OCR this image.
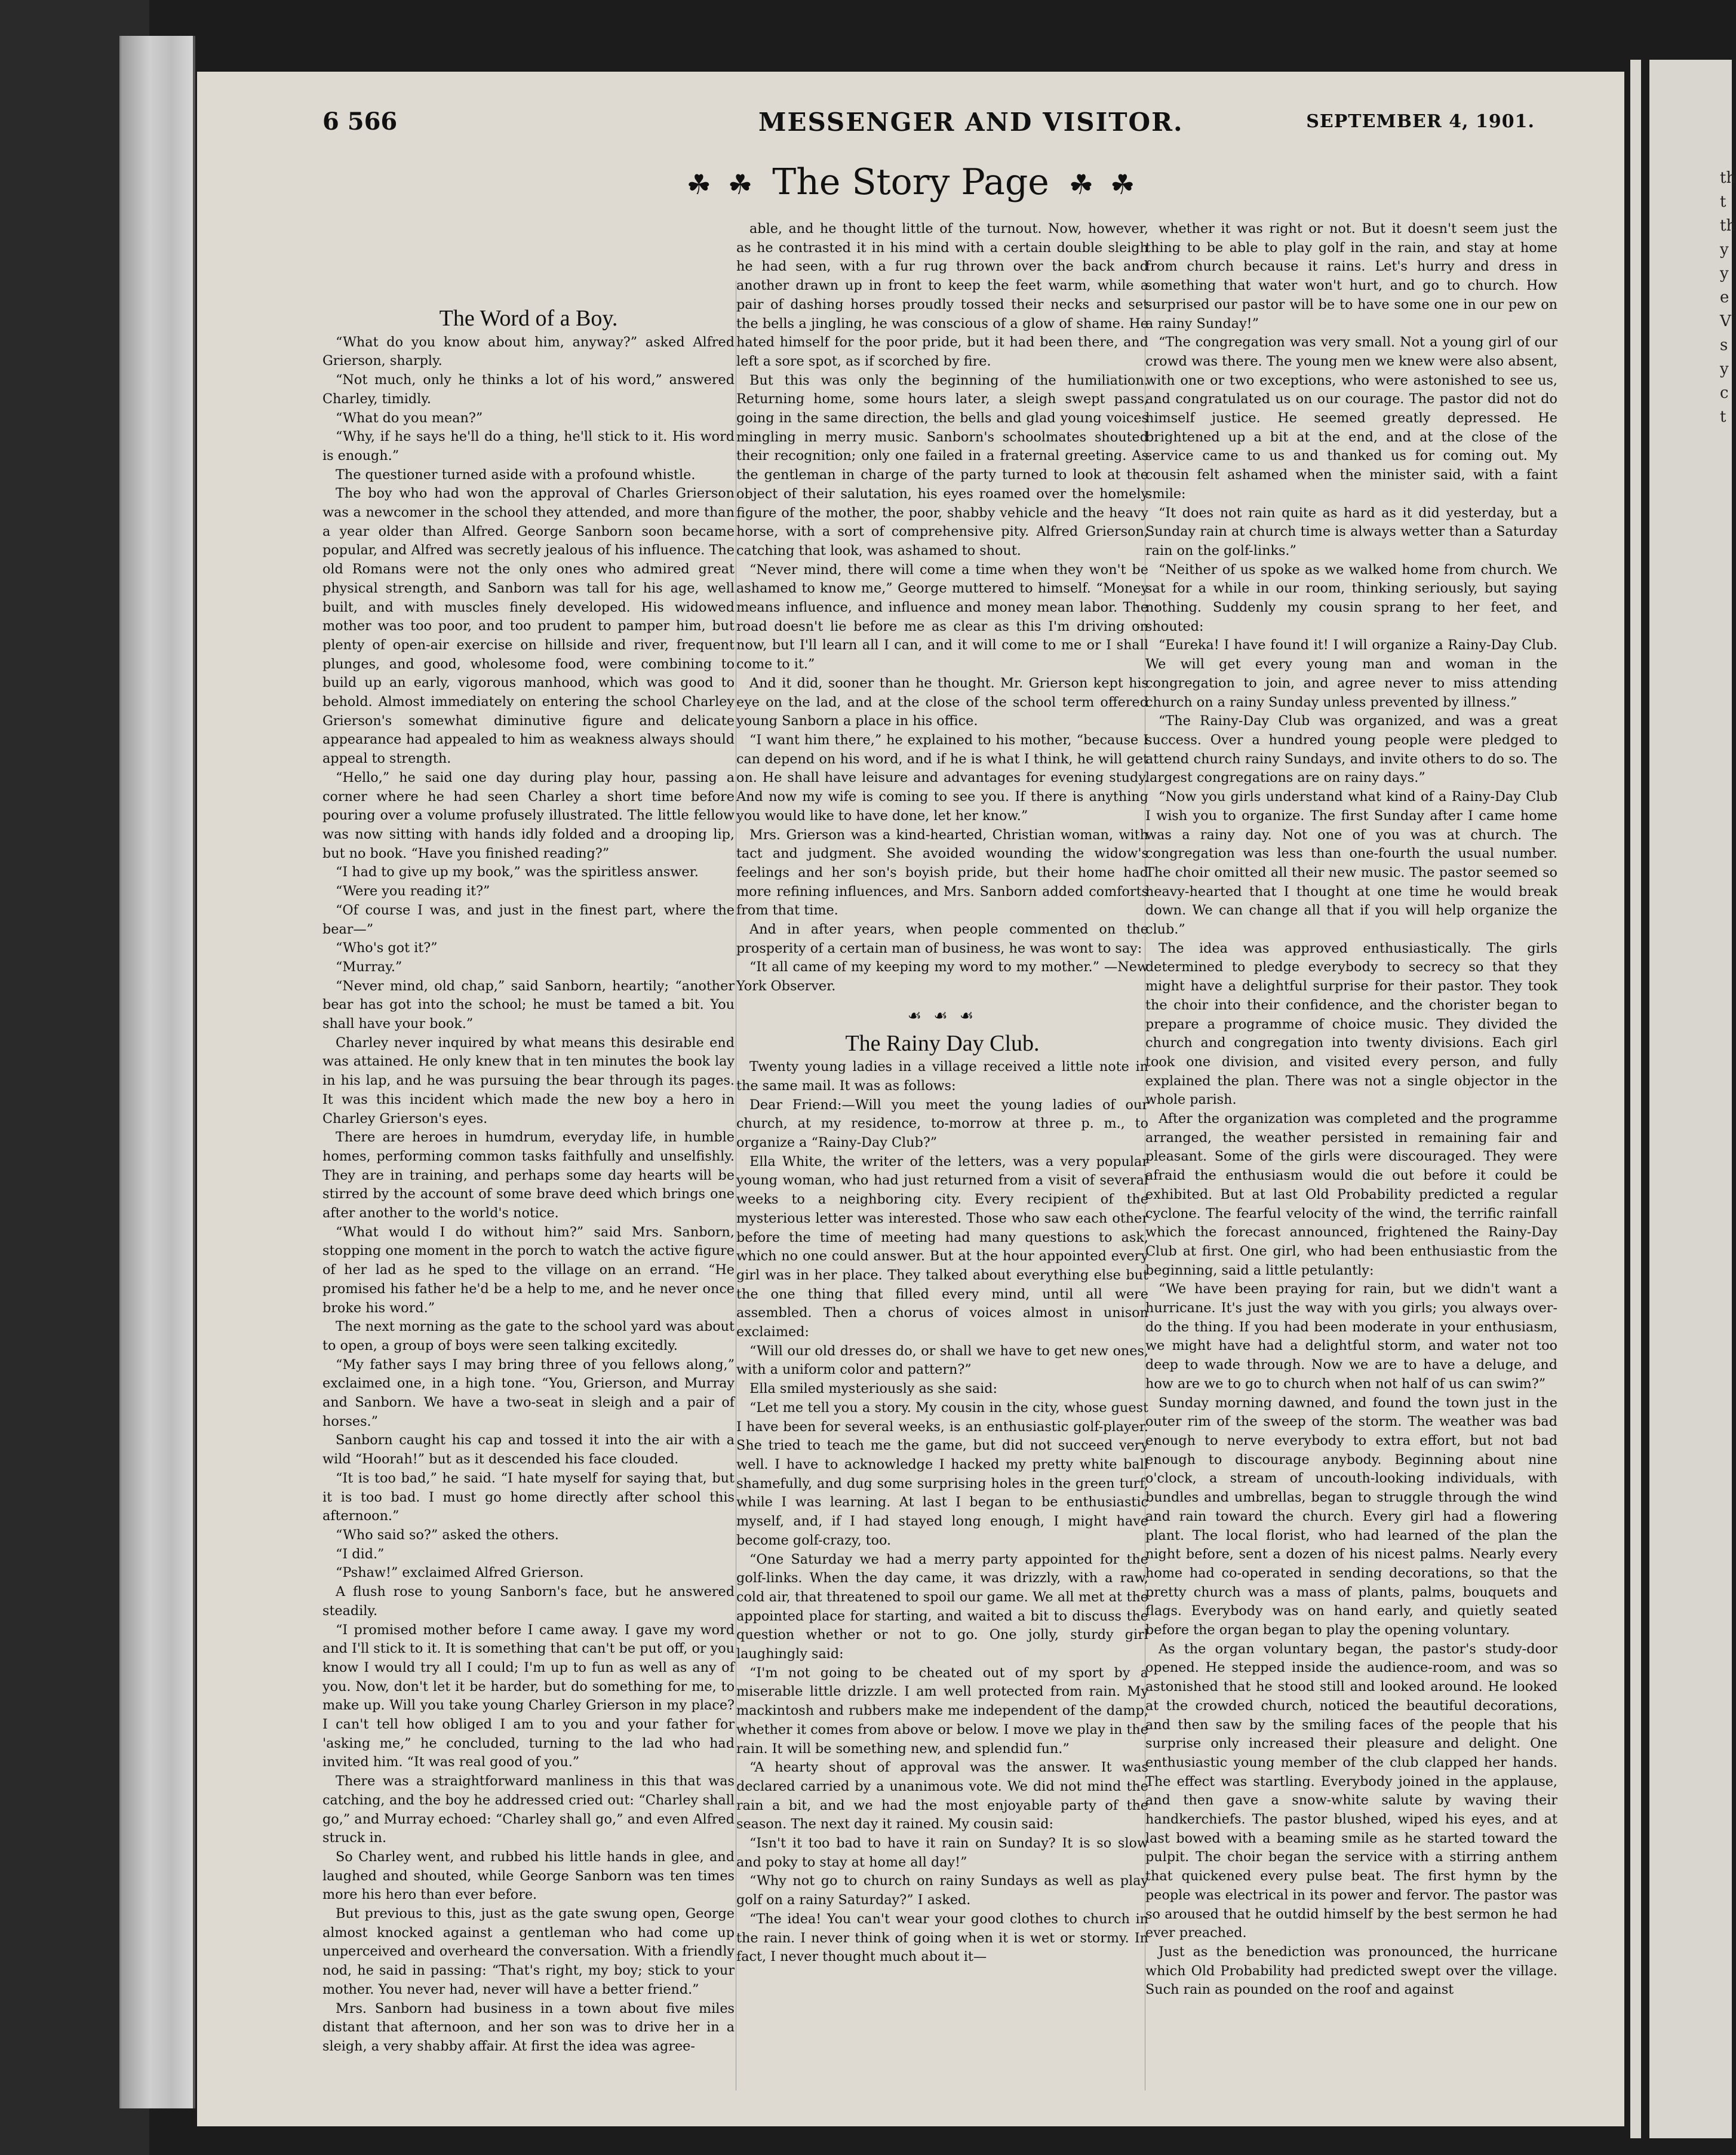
6 566	MESSENGER AND VISITOR.	SEPTEMBER 4, 1901.
☘ ☘ The Story Page ☘ ☘
The Word of a Boy.

“What do you know about him, anyway?” asked Alfred Grierson, sharply.

“Not much, only he thinks a lot of his word,” answered Charley, timidly.

“What do you mean?”

“Why, if he says he'll do a thing, he'll stick to it. His word is enough.”

The questioner turned aside with a profound whistle.

The boy who had won the approval of Charles Grierson was a newcomer in the school they attended, and more than a year older than Alfred. George Sanborn soon became popular, and Alfred was secretly jealous of his influence. The old Romans were not the only ones who admired great physical strength, and Sanborn was tall for his age, well built, and with muscles finely developed. His widowed mother was too poor, and too prudent to pamper him, but plenty of open-air exercise on hillside and river, frequent plunges, and good, wholesome food, were combining to build up an early, vigorous manhood, which was good to behold. Almost immediately on entering the school Charley Grierson's somewhat diminutive figure and delicate appearance had appealed to him as weakness always should appeal to strength.

“Hello,” he said one day during play hour, passing a corner where he had seen Charley a short time before pouring over a volume profusely illustrated. The little fellow was now sitting with hands idly folded and a drooping lip, but no book. “Have you finished reading?”

“I had to give up my book,” was the spiritless answer.

“Were you reading it?”

“Of course I was, and just in the finest part, where the bear—”

“Who's got it?”

“Murray.”

“Never mind, old chap,” said Sanborn, heartily; “another bear has got into the school; he must be tamed a bit. You shall have your book.”

Charley never inquired by what means this desirable end was attained. He only knew that in ten minutes the book lay in his lap, and he was pursuing the bear through its pages. It was this incident which made the new boy a hero in Charley Grierson's eyes.

There are heroes in humdrum, everyday life, in humble homes, performing common tasks faithfully and unselfishly. They are in training, and perhaps some day hearts will be stirred by the account of some brave deed which brings one after another to the world's notice.

“What would I do without him?” said Mrs. Sanborn, stopping one moment in the porch to watch the active figure of her lad as he sped to the village on an errand. “He promised his father he'd be a help to me, and he never once broke his word.”

The next morning as the gate to the school yard was about to open, a group of boys were seen talking excitedly.

“My father says I may bring three of you fellows along,” exclaimed one, in a high tone. “You, Grierson, and Murray and Sanborn. We have a two-seat in sleigh and a pair of horses.”

Sanborn caught his cap and tossed it into the air with a wild “Hoorah!” but as it descended his face clouded.

“It is too bad,” he said. “I hate myself for saying that, but it is too bad. I must go home directly after school this afternoon.”

“Who said so?” asked the others.

“I did.”

“Pshaw!” exclaimed Alfred Grierson.

A flush rose to young Sanborn's face, but he answered steadily.

“I promised mother before I came away. I gave my word and I'll stick to it. It is something that can't be put off, or you know I would try all I could; I'm up to fun as well as any of you. Now, don't let it be harder, but do something for me, to make up. Will you take young Charley Grierson in my place? I can't tell how obliged I am to you and your father for 'asking me,” he concluded, turning to the lad who had invited him. “It was real good of you.”

There was a straightforward manliness in this that was catching, and the boy he addressed cried out: “Charley shall go,” and Murray echoed: “Charley shall go,” and even Alfred struck in.

So Charley went, and rubbed his little hands in glee, and laughed and shouted, while George Sanborn was ten times more his hero than ever before.

But previous to this, just as the gate swung open, George almost knocked against a gentleman who had come up unperceived and overheard the conversation. With a friendly nod, he said in passing: “That's right, my boy; stick to your mother. You never had, never will have a better friend.”

Mrs. Sanborn had business in a town about five miles distant that afternoon, and her son was to drive her in a sleigh, a very shabby affair. At first the idea was agree-

able, and he thought little of the turnout. Now, however, as he contrasted it in his mind with a certain double sleigh he had seen, with a fur rug thrown over the back and another drawn up in front to keep the feet warm, while a pair of dashing horses proudly tossed their necks and set the bells a jingling, he was conscious of a glow of shame. He hated himself for the poor pride, but it had been there, and left a sore spot, as if scorched by fire.

But this was only the beginning of the humiliation. Returning home, some hours later, a sleigh swept pass, going in the same direction, the bells and glad young voices mingling in merry music. Sanborn's schoolmates shouted their recognition; only one failed in a fraternal greeting. As the gentleman in charge of the party turned to look at the object of their salutation, his eyes roamed over the homely figure of the mother, the poor, shabby vehicle and the heavy horse, with a sort of comprehensive pity. Alfred Grierson, catching that look, was ashamed to shout.

“Never mind, there will come a time when they won't be ashamed to know me,” George muttered to himself. “Money means influence, and influence and money mean labor. The road doesn't lie before me as clear as this I'm driving on now, but I'll learn all I can, and it will come to me or I shall come to it.”

And it did, sooner than he thought. Mr. Grierson kept his eye on the lad, and at the close of the school term offered young Sanborn a place in his office.

“I want him there,” he explained to his mother, “because I can depend on his word, and if he is what I think, he will get on. He shall have leisure and advantages for evening study. And now my wife is coming to see you. If there is anything you would like to have done, let her know.”

Mrs. Grierson was a kind-hearted, Christian woman, with tact and judgment. She avoided wounding the widow's feelings and her son's boyish pride, but their home had more refining influences, and Mrs. Sanborn added comforts from that time.

And in after years, when people commented on the prosperity of a certain man of business, he was wont to say:

“It all came of my keeping my word to my mother.” —New York Observer.

☙ ☙ ☙
The Rainy Day Club.

Twenty young ladies in a village received a little note in the same mail. It was as follows:

Dear Friend:—Will you meet the young ladies of our church, at my residence, to-morrow at three p. m., to organize a “Rainy-Day Club?”

Ella White, the writer of the letters, was a very popular young woman, who had just returned from a visit of several weeks to a neighboring city. Every recipient of the mysterious letter was interested. Those who saw each other before the time of meeting had many questions to ask, which no one could answer. But at the hour appointed every girl was in her place. They talked about everything else but the one thing that filled every mind, until all were assembled. Then a chorus of voices almost in unison exclaimed:

“Will our old dresses do, or shall we have to get new ones, with a uniform color and pattern?”

Ella smiled mysteriously as she said:

“Let me tell you a story. My cousin in the city, whose guest I have been for several weeks, is an enthusiastic golf-player. She tried to teach me the game, but did not succeed very well. I have to acknowledge I hacked my pretty white ball shamefully, and dug some surprising holes in the green turf, while I was learning. At last I began to be enthusiastic myself, and, if I had stayed long enough, I might have become golf-crazy, too.

“One Saturday we had a merry party appointed for the golf-links. When the day came, it was drizzly, with a raw, cold air, that threatened to spoil our game. We all met at the appointed place for starting, and waited a bit to discuss the question whether or not to go. One jolly, sturdy girl laughingly said:

“I'm not going to be cheated out of my sport by a miserable little drizzle. I am well protected from rain. My mackintosh and rubbers make me independent of the damp, whether it comes from above or below. I move we play in the rain. It will be something new, and splendid fun.”

“A hearty shout of approval was the answer. It was declared carried by a unanimous vote. We did not mind the rain a bit, and we had the most enjoyable party of the season. The next day it rained. My cousin said:

“Isn't it too bad to have it rain on Sunday? It is so slow and poky to stay at home all day!”

“Why not go to church on rainy Sundays as well as play golf on a rainy Saturday?” I asked.

“The idea! You can't wear your good clothes to church in the rain. I never think of going when it is wet or stormy. In fact, I never thought much about it—

whether it was right or not. But it doesn't seem just the thing to be able to play golf in the rain, and stay at home from church because it rains. Let's hurry and dress in something that water won't hurt, and go to church. How surprised our pastor will be to have some one in our pew on a rainy Sunday!”

“The congregation was very small. Not a young girl of our crowd was there. The young men we knew were also absent, with one or two exceptions, who were astonished to see us, and congratulated us on our courage. The pastor did not do himself justice. He seemed greatly depressed. He brightened up a bit at the end, and at the close of the service came to us and thanked us for coming out. My cousin felt ashamed when the minister said, with a faint smile:

“It does not rain quite as hard as it did yesterday, but a Sunday rain at church time is always wetter than a Saturday rain on the golf-links.”

“Neither of us spoke as we walked home from church. We sat for a while in our room, thinking seriously, but saying nothing. Suddenly my cousin sprang to her feet, and shouted:

“Eureka! I have found it! I will organize a Rainy-Day Club. We will get every young man and woman in the congregation to join, and agree never to miss attending church on a rainy Sunday unless prevented by illness.”

“The Rainy-Day Club was organized, and was a great success. Over a hundred young people were pledged to attend church rainy Sundays, and invite others to do so. The largest congregations are on rainy days.”

“Now you girls understand what kind of a Rainy-Day Club I wish you to organize. The first Sunday after I came home was a rainy day. Not one of you was at church. The congregation was less than one-fourth the usual number. The choir omitted all their new music. The pastor seemed so heavy-hearted that I thought at one time he would break down. We can change all that if you will help organize the club.”

The idea was approved enthusiastically. The girls determined to pledge everybody to secrecy so that they might have a delightful surprise for their pastor. They took the choir into their confidence, and the chorister began to prepare a programme of choice music. They divided the church and congregation into twenty divisions. Each girl took one division, and visited every person, and fully explained the plan. There was not a single objector in the whole parish.

After the organization was completed and the programme arranged, the weather persisted in remaining fair and pleasant. Some of the girls were discouraged. They were afraid the enthusiasm would die out before it could be exhibited. But at last Old Probability predicted a regular cyclone. The fearful velocity of the wind, the terrific rainfall which the forecast announced, frightened the Rainy-Day Club at first. One girl, who had been enthusiastic from the beginning, said a little petulantly:

“We have been praying for rain, but we didn't want a hurricane. It's just the way with you girls; you always over-do the thing. If you had been moderate in your enthusiasm, we might have had a delightful storm, and water not too deep to wade through. Now we are to have a deluge, and how are we to go to church when not half of us can swim?”

Sunday morning dawned, and found the town just in the outer rim of the sweep of the storm. The weather was bad enough to nerve everybody to extra effort, but not bad enough to discourage anybody. Beginning about nine o'clock, a stream of uncouth-looking individuals, with bundles and umbrellas, began to struggle through the wind and rain toward the church. Every girl had a flowering plant. The local florist, who had learned of the plan the night before, sent a dozen of his nicest palms. Nearly every home had co-operated in sending decorations, so that the pretty church was a mass of plants, palms, bouquets and flags. Everybody was on hand early, and quietly seated before the organ began to play the opening voluntary.

As the organ voluntary began, the pastor's study-door opened. He stepped inside the audience-room, and was so astonished that he stood still and looked around. He looked at the crowded church, noticed the beautiful decorations, and then saw by the smiling faces of the people that his surprise only increased their pleasure and delight. One enthusiastic young member of the club clapped her hands. The effect was startling. Everybody joined in the applause, and then gave a snow-white salute by waving their handkerchiefs. The pastor blushed, wiped his eyes, and at last bowed with a beaming smile as he started toward the pulpit. The choir began the service with a stirring anthem that quickened every pulse beat. The first hymn by the people was electrical in its power and fervor. The pastor was so aroused that he outdid himself by the best sermon he had ever preached.

Just as the benediction was pronounced, the hurricane which Old Probability had predicted swept over the village. Such rain as pounded on the roof and against

th
t
th
y
y
e
V
s
y
c
t
